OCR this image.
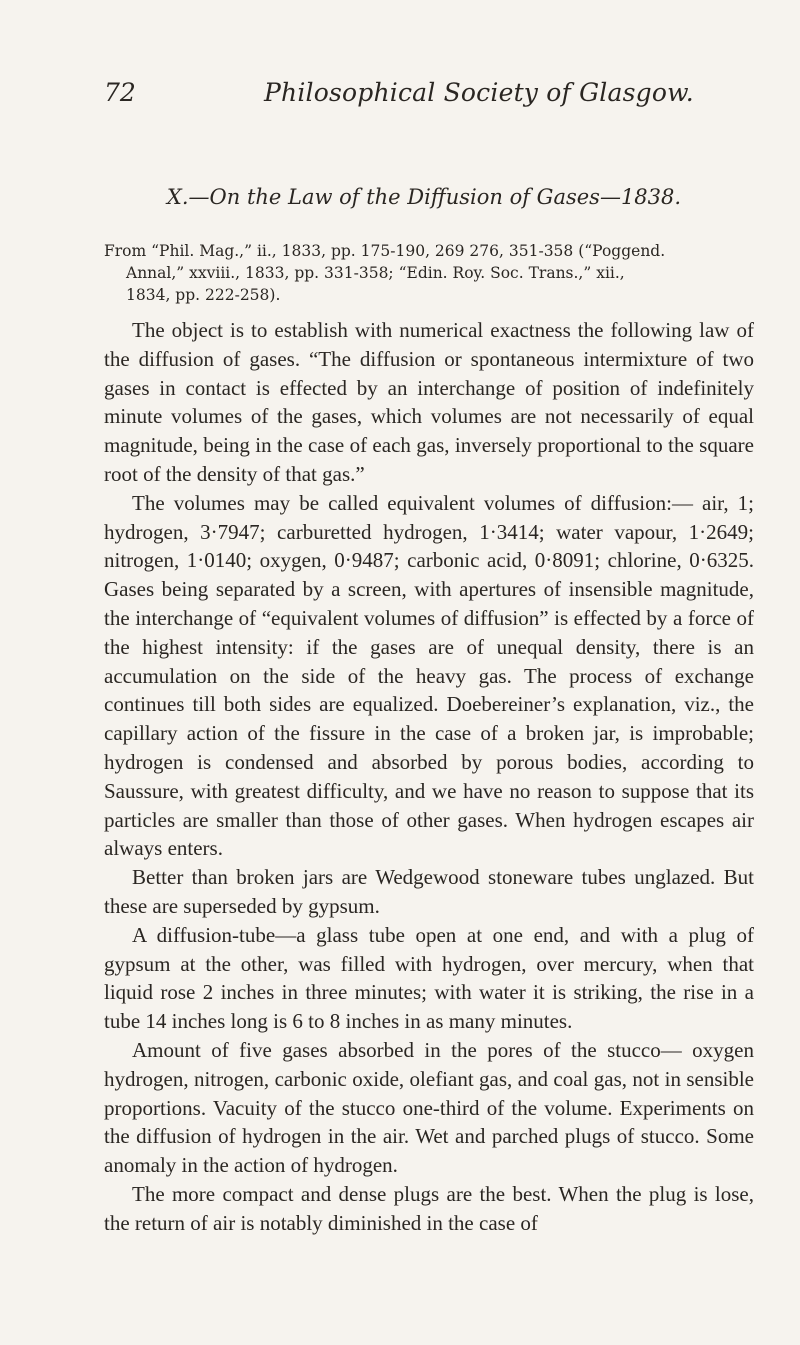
72	Philosophical Society of Glasgow.
X.—On the Law of the Diffusion of Gases—1838.
From “Phil. Mag.,” ii., 1833, pp. 175-190, 269 276, 351-358 (“Poggend.
Annal,” xxviii., 1833, pp. 331-358; “Edin. Roy. Soc. Trans.,” xii.,
1834, pp. 222-258).

The object is to establish with numerical exactness the following law of the diffusion of gases. “The diffusion or spontaneous intermixture of two gases in contact is effected by an interchange of position of indefinitely minute volumes of the gases, which volumes are not necessarily of equal magnitude, being in the case of each gas, inversely proportional to the square root of the density of that gas.”

The volumes may be called equivalent volumes of diffusion:— air, 1; hydrogen, 3·7947; carburetted hydrogen, 1·3414; water vapour, 1·2649; nitrogen, 1·0140; oxygen, 0·9487; carbonic acid, 0·8091; chlorine, 0·6325. Gases being separated by a screen, with apertures of insensible magnitude, the interchange of “equivalent volumes of diffusion” is effected by a force of the highest intensity: if the gases are of unequal density, there is an accumulation on the side of the heavy gas. The process of exchange continues till both sides are equalized. Doebereiner’s explanation, viz., the capillary action of the fissure in the case of a broken jar, is improbable; hydrogen is condensed and absorbed by porous bodies, according to Saussure, with greatest difficulty, and we have no reason to suppose that its particles are smaller than those of other gases. When hydrogen escapes air always enters.

Better than broken jars are Wedgewood stoneware tubes unglazed. But these are superseded by gypsum.

A diffusion-tube—a glass tube open at one end, and with a plug of gypsum at the other, was filled with hydrogen, over mercury, when that liquid rose 2 inches in three minutes; with water it is striking, the rise in a tube 14 inches long is 6 to 8 inches in as many minutes.

Amount of five gases absorbed in the pores of the stucco— oxygen hydrogen, nitrogen, carbonic oxide, olefiant gas, and coal gas, not in sensible proportions. Vacuity of the stucco one-third of the volume. Experiments on the diffusion of hydrogen in the air. Wet and parched plugs of stucco. Some anomaly in the action of hydrogen.

The more compact and dense plugs are the best. When the plug is lose, the return of air is notably diminished in the case of
